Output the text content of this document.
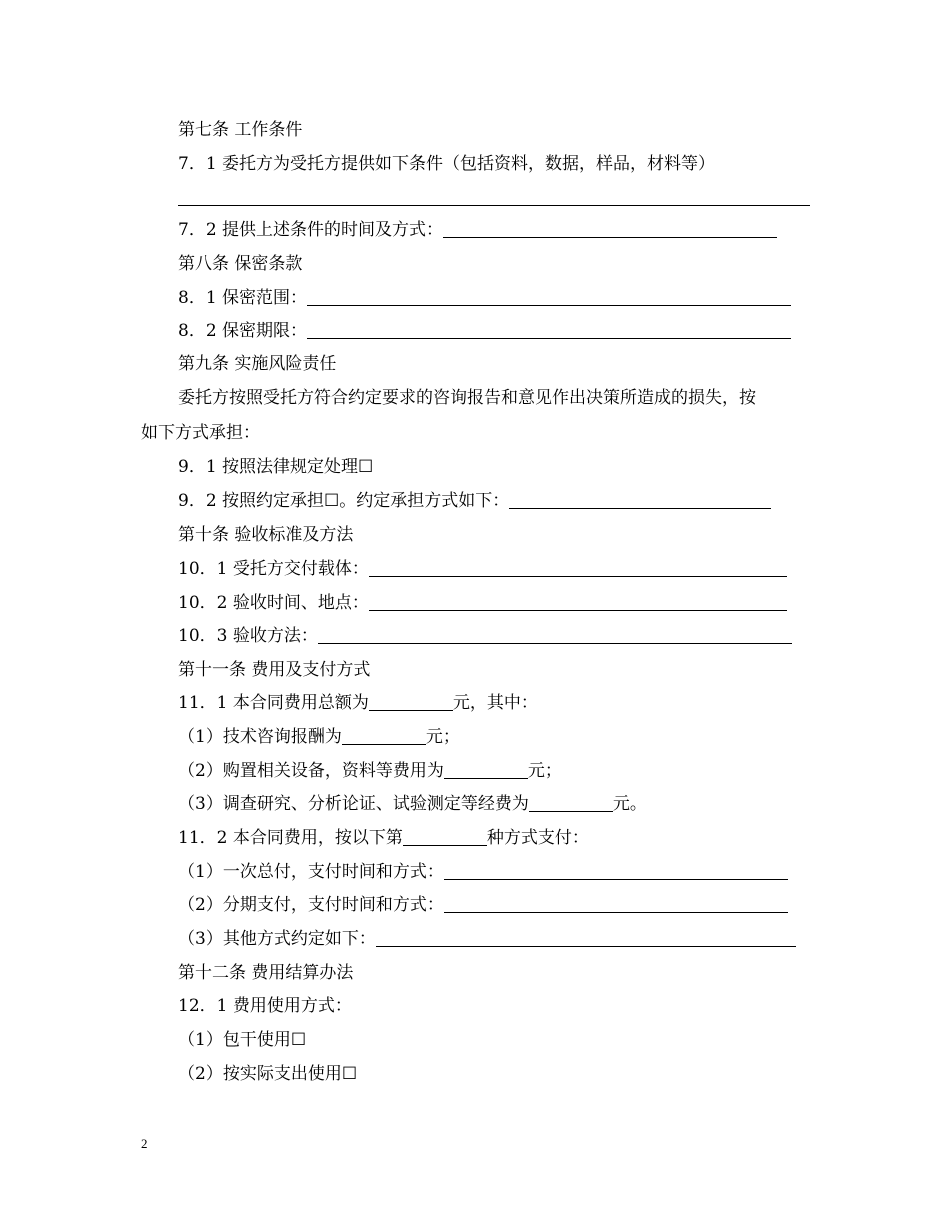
第七条 工作条件
7．1 委托方为受托方提供如下条件（包括资料，数据，样品，材料等）
7．2 提供上述条件的时间及方式：
第八条 保密条款
8．1 保密范围：
8．2 保密期限：
第九条 实施风险责任
委托方按照受托方符合约定要求的咨询报告和意见作出决策所造成的损失，按
如下方式承担：
9．1 按照法律规定处理 ☐
9．2 按照约定承担 ☐ 。约定承担方式如下：
第十条 验收标准及方法
10．1 受托方交付载体：
10．2 验收时间、地点：
10．3 验收方法：
第十一条 费用及支付方式
11．1 本合同费用总额为	元，其中：
（1）技术咨询报酬为	元；
（2）购置相关设备，资料等费用为	元；
（3）调查研究、分析论证、试验测定等经费为	元。
11．2 本合同费用，按以下第	种方式支付：
（1）一次总付，支付时间和方式：
（2）分期支付，支付时间和方式：
（3）其他方式约定如下：
第十二条 费用结算办法
12．1 费用使用方式：
（1）包干使用 ☐
（2）按实际支出使用 ☐
2
